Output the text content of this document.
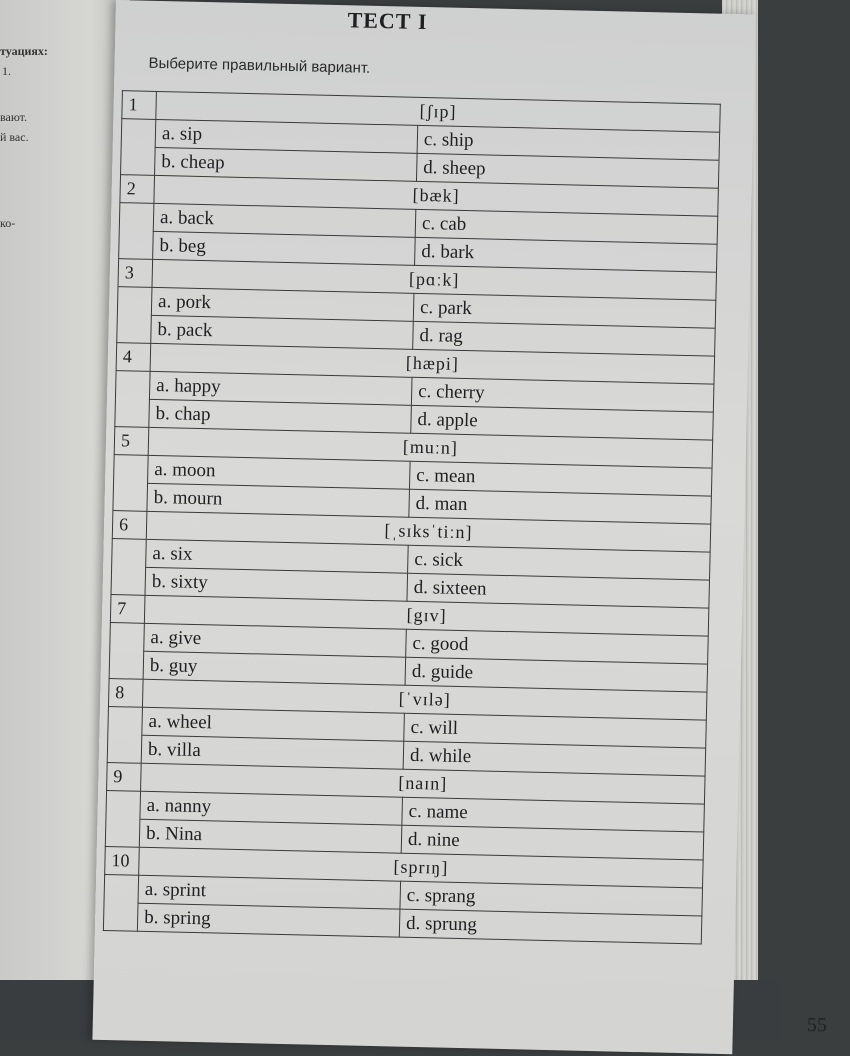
туациях:
1.
вают.
й вас.
ко-
ТЕСТ I
Выберите правильный вариант.
1	[ʃɪp]	
	a. sip	c. ship
	b. cheap	d. sheep
2	[bæk]	
	a. back	c. cab
	b. beg	d. bark
3	[pɑːk]	
	a. pork	c. park
	b. pack	d. rag
4	[hæpi]	
	a. happy	c. cherry
	b. chap	d. apple
5	[muːn]	
	a. moon	c. mean
	b. mourn	d. man
6	[ˌsɪksˈtiːn]	
	a. six	c. sick
	b. sixty	d. sixteen
7	[gɪv]	
	a. give	c. good
	b. guy	d. guide
8	[ˈvɪlə]	
	a. wheel	c. will
	b. villa	d. while
9	[naɪn]	
	a. nanny	c. name
	b. Nina	d. nine
10	[sprɪŋ]	
	a. sprint	c. sprang
	b. spring	d. sprung
55
